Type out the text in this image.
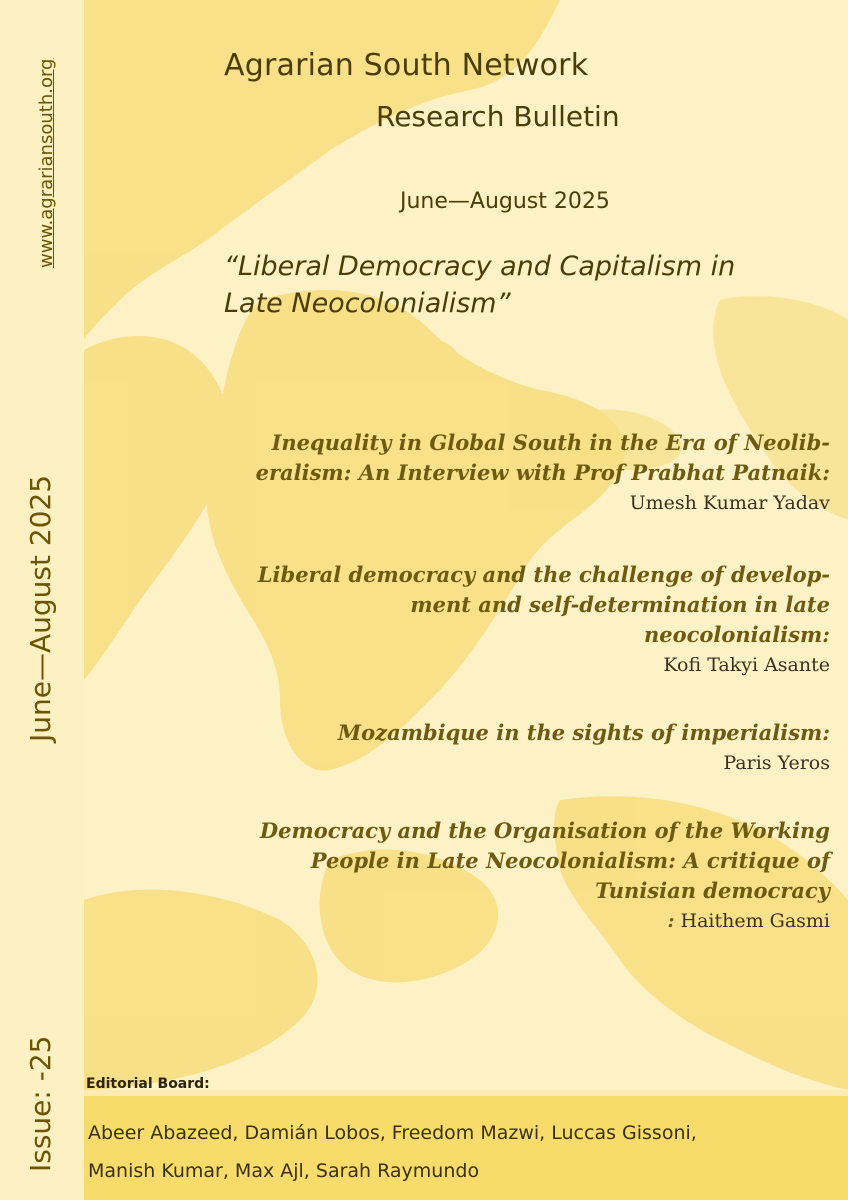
www.agrariansouth.org
June—August 2025
Issue: -25
Agrarian South Network
Research Bulletin
June—August 2025
“Liberal Democracy and Capitalism in
Late Neocolonialism”
Inequality in Global South in the Era of Neolib-
eralism: An Interview with Prof Prabhat Patnaik:
Umesh Kumar Yadav
Liberal democracy and the challenge of develop-
ment and self-determination in late neocolonialism:
Kofi Takyi Asante
Mozambique in the sights of imperialism:
Paris Yeros
Democracy and the Organisation of the Working
People in Late Neocolonialism: A critique of
Tunisian democracy
: Haithem Gasmi
Editorial Board:
Abeer Abazeed, Damián Lobos, Freedom Mazwi, Luccas Gissoni,
Manish Kumar, Max Ajl, Sarah Raymundo
